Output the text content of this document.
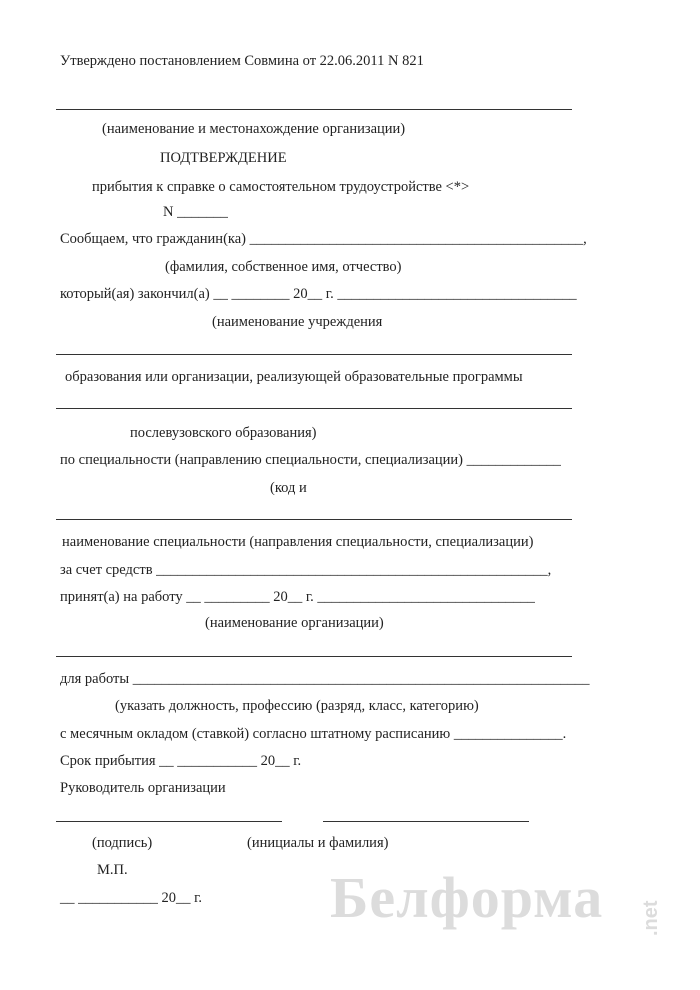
Утверждено постановлением Совмина от 22.06.2011 N 821
(наименование и местонахождение организации)
ПОДТВЕРЖДЕНИЕ
прибытия к справке о самостоятельном трудоустройстве <*>
N _______
Сообщаем, что гражданин(ка) ______________________________________________,
(фамилия, собственное имя, отчество)
который(ая) закончил(а) __ ________ 20__ г. _________________________________
(наименование учреждения
образования или организации, реализующей образовательные программы
послевузовского образования)
по специальности (направлению специальности, специализации) _____________
(код и
наименование специальности (направления специальности, специализации)
за счет средств ______________________________________________________,
принят(а) на работу __ _________ 20__ г. ______________________________
(наименование организации)
для работы _______________________________________________________________
(указать должность, профессию (разряд, класс, категорию)
с месячным окладом (ставкой) согласно штатному расписанию _______________.
Срок прибытия __ ___________ 20__ г.
Руководитель организации
(подпись)	(инициалы и фамилия)
М.П.
__ ___________ 20__ г. Белформа .net
